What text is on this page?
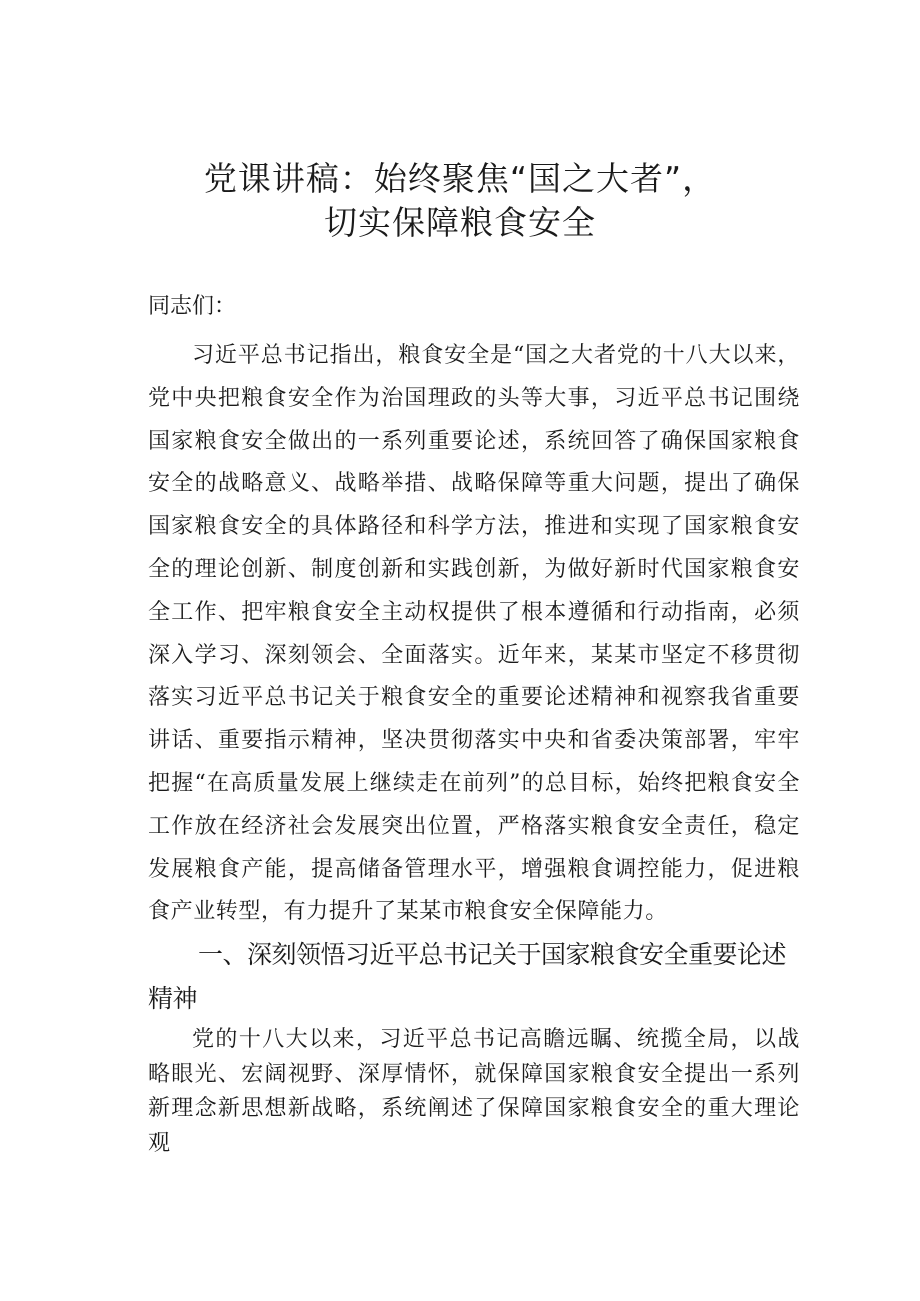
党课讲稿：始终聚焦“国之大者”，
切实保障粮食安全

同志们：

习近平总书记指出，粮食安全是“国之大者党的十八大以来，党中央把粮食安全作为治国理政的头等大事，习近平总书记围绕国家粮食安全做出的一系列重要论述，系统回答了确保国家粮食安全的战略意义、战略举措、战略保障等重大问题，提出了确保国家粮食安全的具体路径和科学方法，推进和实现了国家粮食安全的理论创新、制度创新和实践创新，为做好新时代国家粮食安全工作、把牢粮食安全主动权提供了根本遵循和行动指南，必须深入学习、深刻领会、全面落实。近年来，某某市坚定不移贯彻落实习近平总书记关于粮食安全的重要论述精神和视察我省重要讲话、重要指示精神，坚决贯彻落实中央和省委决策部署，牢牢把握“在高质量发展上继续走在前列”的总目标，始终把粮食安全工作放在经济社会发展突出位置，严格落实粮食安全责任，稳定发展粮食产能，提高储备管理水平，增强粮食调控能力，促进粮食产业转型，有力提升了某某市粮食安全保障能力。

一、深刻领悟习近平总书记关于国家粮食安全重要论述精神

党的十八大以来，习近平总书记高瞻远瞩、统揽全局，以战略眼光、宏阔视野、深厚情怀，就保障国家粮食安全提出一系列新理念新思想新战略，系统阐述了保障国家粮食安全的重大理论观
